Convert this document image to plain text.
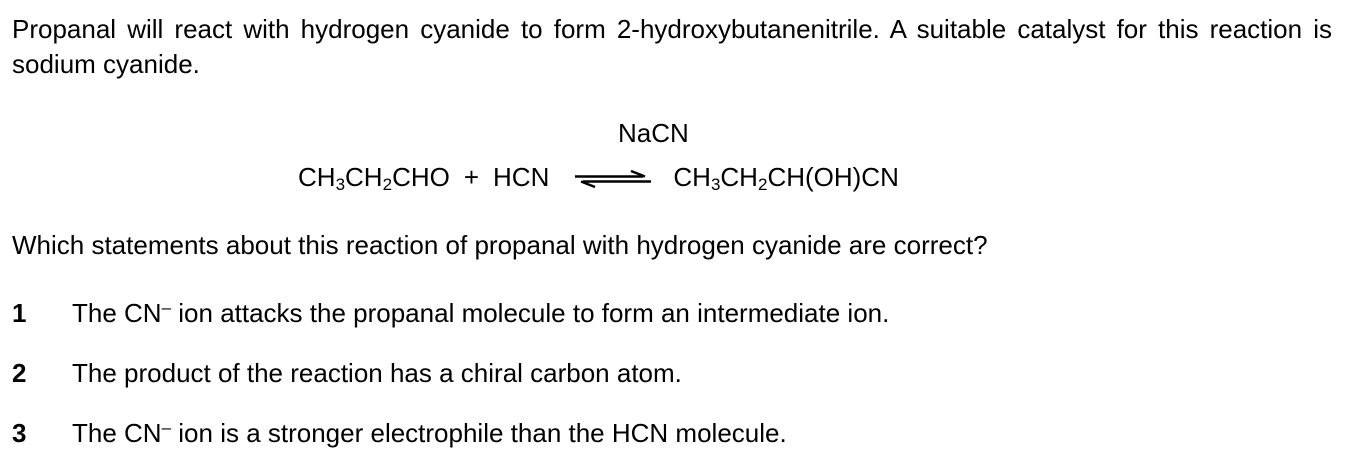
Propanal will react with hydrogen cyanide to form 2-hydroxybutanenitrile. A suitable catalyst for this reaction is sodium cyanide.

NaCN

$CH_3CH_2CHO$ + HCN ⇌ $CH_3CH_2CH(OH)CN$

Which statements about this reaction of propanal with hydrogen cyanide are correct?

1 The CN– ion attacks the propanal molecule to form an intermediate ion.

2 The product of the reaction has a chiral carbon atom.

3 The CN– ion is a stronger electrophile than the HCN molecule.
